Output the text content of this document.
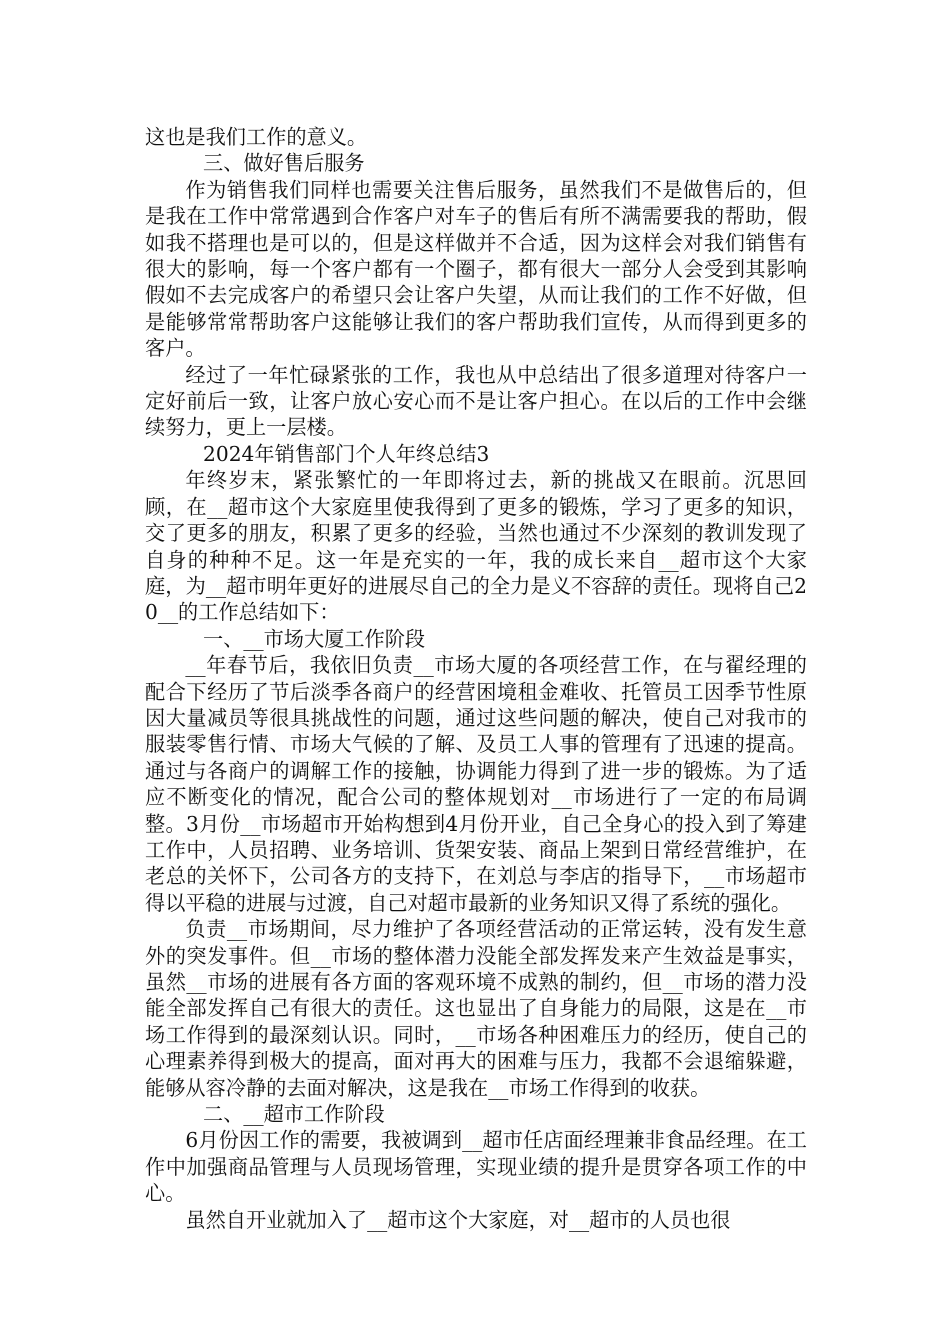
这也是我们工作的意义。

三、做好售后服务

作为销售我们同样也需要关注售后服务，虽然我们不是做售后的，但是我在工作中常常遇到合作客户对车子的售后有所不满需要我的帮助，假如我不搭理也是可以的，但是这样做并不合适，因为这样会对我们销售有很大的影响，每一个客户都有一个圈子，都有很大一部分人会受到其影响假如不去完成客户的希望只会让客户失望，从而让我们的工作不好做，但是能够常常帮助客户这能够让我们的客户帮助我们宣传，从而得到更多的客户。

经过了一年忙碌紧张的工作，我也从中总结出了很多道理对待客户一定好前后一致，让客户放心安心而不是让客户担心。在以后的工作中会继续努力，更上一层楼。

2024年销售部门个人年终总结3

年终岁末，紧张繁忙的一年即将过去，新的挑战又在眼前。沉思回顾，在__超市这个大家庭里使我得到了更多的锻炼，学习了更多的知识，交了更多的朋友，积累了更多的经验，当然也通过不少深刻的教训发现了自身的种种不足。这一年是充实的一年，我的成长来自__超市这个大家庭，为__超市明年更好的进展尽自己的全力是义不容辞的责任。现将自己20__的工作总结如下：

一、__市场大厦工作阶段

__年春节后，我依旧负责__市场大厦的各项经营工作，在与翟经理的配合下经历了节后淡季各商户的经营困境租金难收、托管员工因季节性原因大量减员等很具挑战性的问题，通过这些问题的解决，使自己对我市的服装零售行情、市场大气候的了解、及员工人事的管理有了迅速的提高。通过与各商户的调解工作的接触，协调能力得到了进一步的锻炼。为了适应不断变化的情况，配合公司的整体规划对__市场进行了一定的布局调整。3月份__市场超市开始构想到4月份开业，自己全身心的投入到了筹建工作中，人员招聘、业务培训、货架安装、商品上架到日常经营维护，在老总的关怀下，公司各方的支持下，在刘总与李店的指导下，__市场超市得以平稳的进展与过渡，自己对超市最新的业务知识又得了系统的强化。

负责__市场期间，尽力维护了各项经营活动的正常运转，没有发生意外的突发事件。但__市场的整体潜力没能全部发挥发来产生效益是事实，虽然__市场的进展有各方面的客观环境不成熟的制约，但__市场的潜力没能全部发挥自己有很大的责任。这也显出了自身能力的局限，这是在__市场工作得到的最深刻认识。同时，__市场各种困难压力的经历，使自己的心理素养得到极大的提高，面对再大的困难与压力，我都不会退缩躲避，能够从容冷静的去面对解决，这是我在__市场工作得到的收获。

二、__超市工作阶段

6月份因工作的需要，我被调到__超市任店面经理兼非食品经理。在工作中加强商品管理与人员现场管理，实现业绩的提升是贯穿各项工作的中心。

虽然自开业就加入了__超市这个大家庭，对__超市的人员也很
